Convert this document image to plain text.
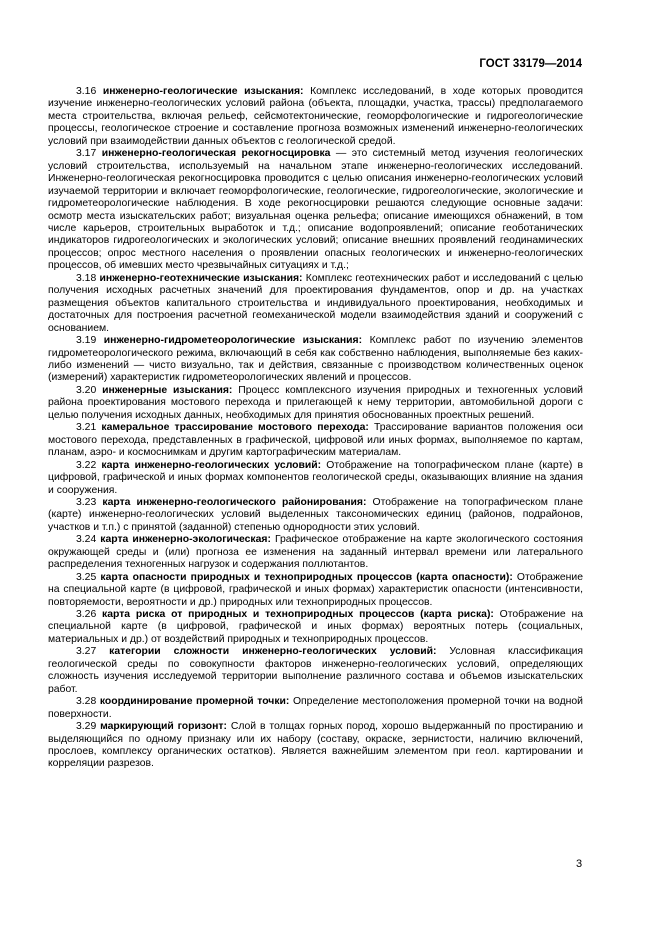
ГОСТ 33179—2014

3.16 инженерно-геологические изыскания: Комплекс исследований, в ходе которых проводится изучение инженерно-геологических условий района (объекта, площадки, участка, трассы) предполагаемого места строительства, включая рельеф, сейсмотектонические, геоморфологические и гидрогеологические процессы, геологическое строение и составление прогноза возможных изменений инженерно-геологических условий при взаимодействии данных объектов с геологической средой.

3.17 инженерно-геологическая рекогносцировка — это системный метод изучения геологических условий строительства, используемый на начальном этапе инженерно-геологических исследований. Инженерно-геологическая рекогносцировка проводится с целью описания инженерно-геологических условий изучаемой территории и включает геоморфологические, геологические, гидрогеологические, экологические и гидрометеорологические наблюдения. В ходе рекогносцировки решаются следующие основные задачи: осмотр места изыскательских работ; визуальная оценка рельефа; описание имеющихся обнажений, в том числе карьеров, строительных выработок и т.д.; описание водопроявлений; описание геоботанических индикаторов гидрогеологических и экологических условий; описание внешних проявлений геодинамических процессов; опрос местного населения о проявлении опасных геологических и инженерно-геологических процессов, об имевших место чрезвычайных ситуациях и т.д.;

3.18 инженерно-геотехнические изыскания: Комплекс геотехнических работ и исследований с целью получения исходных расчетных значений для проектирования фундаментов, опор и др. на участках размещения объектов капитального строительства и индивидуального проектирования, необходимых и достаточных для построения расчетной геомеханической модели взаимодействия зданий и сооружений с основанием.

3.19 инженерно-гидрометеорологические изыскания: Комплекс работ по изучению элементов гидрометеорологического режима, включающий в себя как собственно наблюдения, выполняемые без каких-либо изменений — чисто визуально, так и действия, связанные с производством количественных оценок (измерений) характеристик гидрометеорологических явлений и процессов.

3.20 инженерные изыскания: Процесс комплексного изучения природных и техногенных условий района проектирования мостового перехода и прилегающей к нему территории, автомобильной дороги с целью получения исходных данных, необходимых для принятия обоснованных проектных решений.

3.21 камеральное трассирование мостового перехода: Трассирование вариантов положения оси мостового перехода, представленных в графической, цифровой или иных формах, выполняемое по картам, планам, аэро- и космоснимкам и другим картографическим материалам.

3.22 карта инженерно-геологических условий: Отображение на топографическом плане (карте) в цифровой, графической и иных формах компонентов геологической среды, оказывающих влияние на здания и сооружения.

3.23 карта инженерно-геологического районирования: Отображение на топографическом плане (карте) инженерно-геологических условий выделенных таксономических единиц (районов, подрайонов, участков и т.п.) с принятой (заданной) степенью однородности этих условий.

3.24 карта инженерно-экологическая: Графическое отображение на карте экологического состояния окружающей среды и (или) прогноза ее изменения на заданный интервал времени или латерального распределения техногенных нагрузок и содержания поллютантов.

3.25 карта опасности природных и техноприродных процессов (карта опасности): Отображение на специальной карте (в цифровой, графической и иных формах) характеристик опасности (интенсивности, повторяемости, вероятности и др.) природных или техноприродных процессов.

3.26 карта риска от природных и техноприродных процессов (карта риска): Отображение на специальной карте (в цифровой, графической и иных формах) вероятных потерь (социальных, материальных и др.) от воздействий природных и техноприродных процессов.

3.27 категории сложности инженерно-геологических условий: Условная классификация геологической среды по совокупности факторов инженерно-геологических условий, определяющих сложность изучения исследуемой территории выполнение различного состава и объемов изыскательских работ.

3.28 координирование промерной точки: Определение местоположения промерной точки на водной поверхности.

3.29 маркирующий горизонт: Слой в толщах горных пород, хорошо выдержанный по простиранию и выделяющийся по одному признаку или их набору (составу, окраске, зернистости, наличию включений, прослоев, комплексу органических остатков). Является важнейшим элементом при геол. картировании и корреляции разрезов.

3
